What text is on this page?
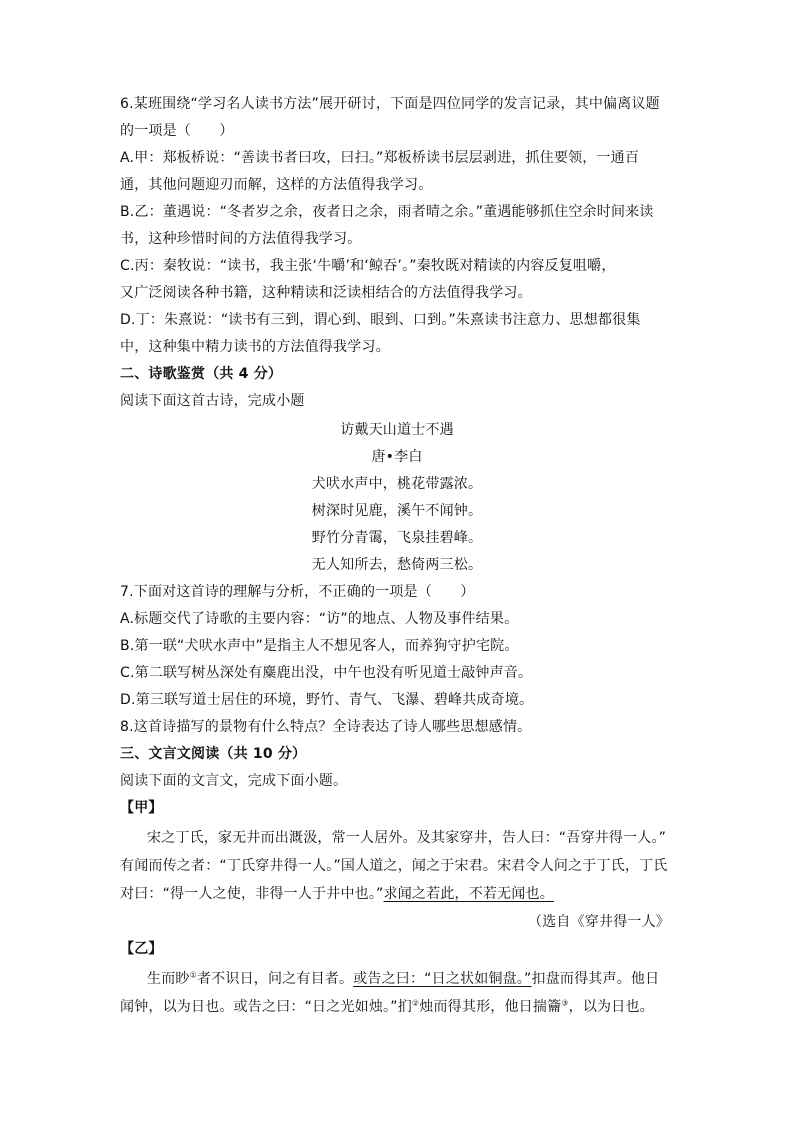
6.某班围绕“学习名人读书方法”展开研讨，下面是四位同学的发言记录，其中偏离议题
的一项是（　　）
A.甲：郑板桥说：“善读书者曰攻，曰扫。”郑板桥读书层层剥进，抓住要领，一通百
通，其他问题迎刃而解，这样的方法值得我学习。
B.乙：董遇说：“冬者岁之余，夜者日之余，雨者晴之余。”董遇能够抓住空余时间来读
书，这种珍惜时间的方法值得我学习。
C.丙：秦牧说：“读书，我主张‘牛嚼’和‘鲸吞’。”秦牧既对精读的内容反复咀嚼，
又广泛阅读各种书籍，这种精读和泛读相结合的方法值得我学习。
D.丁：朱熹说：“读书有三到，谓心到、眼到、口到。”朱熹读书注意力、思想都很集
中，这种集中精力读书的方法值得我学习。
二、诗歌鉴赏（共 4 分）
阅读下面这首古诗，完成小题
访戴天山道士不遇
唐•李白
犬吠水声中，桃花带露浓。
树深时见鹿，溪午不闻钟。
野竹分青霭，飞泉挂碧峰。
无人知所去，愁倚两三松。
7.下面对这首诗的理解与分析，不正确的一项是（　　）
A.标题交代了诗歌的主要内容：“访”的地点、人物及事件结果。
B.第一联“犬吠水声中”是指主人不想见客人，而养狗守护宅院。
C.第二联写树丛深处有麋鹿出没，中午也没有听见道士敲钟声音。
D.第三联写道士居住的环境，野竹、青气、飞瀑、碧峰共成奇境。
8.这首诗描写的景物有什么特点？全诗表达了诗人哪些思想感情。
三、文言文阅读（共 10 分）
阅读下面的文言文，完成下面小题。
【甲】
宋之丁氏，家无井而出溉汲，常一人居外。及其家穿井，告人曰：“吾穿井得一人。”
有闻而传之者：“丁氏穿井得一人。”国人道之，闻之于宋君。宋君令人问之于丁氏，丁氏
对曰：“得一人之使，非得一人于井中也。”求闻之若此，不若无闻也。
（选自《穿井得一人》
【乙】
生而眇①者不识日，问之有目者。或告之曰：“日之状如铜盘。”扣盘而得其声。他日
闻钟，以为日也。或告之曰：“日之光如烛。”扪②烛而得其形，他日揣籥③，以为日也。
